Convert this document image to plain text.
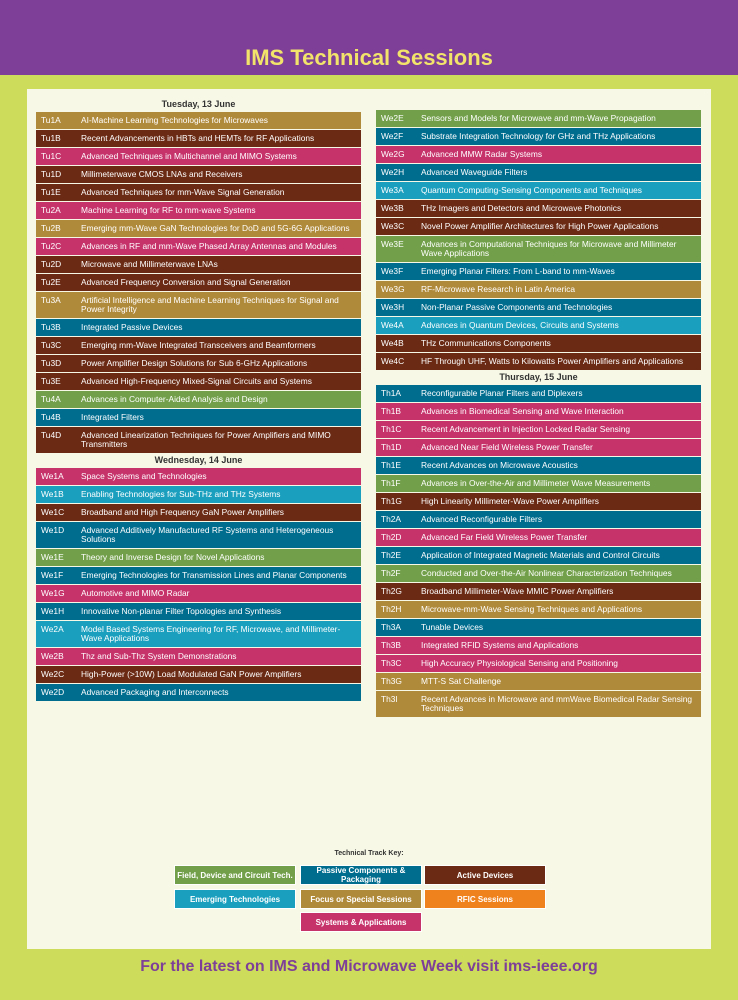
IMS Technical Sessions
Tuesday, 13 June
Tu1A	AI-Machine Learning Technologies for Microwaves
Tu1B	Recent Advancements in HBTs and HEMTs for RF Applications
Tu1C	Advanced Techniques in Multichannel and MIMO Systems
Tu1D	Millimeterwave CMOS LNAs and Receivers
Tu1E	Advanced Techniques for mm-Wave Signal Generation
Tu2A	Machine Learning for RF to mm-wave Systems
Tu2B	Emerging mm-Wave GaN Technologies for DoD and 5G-6G Applications
Tu2C	Advances in RF and mm-Wave Phased Array Antennas and Modules
Tu2D	Microwave and Millimeterwave LNAs
Tu2E	Advanced Frequency Conversion and Signal Generation
Tu3A	Artificial Intelligence and Machine Learning Techniques for Signal and Power Integrity
Tu3B	Integrated Passive Devices
Tu3C	Emerging mm-Wave Integrated Transceivers and Beamformers
Tu3D	Power Amplifier Design Solutions for Sub 6-GHz Applications
Tu3E	Advanced High-Frequency Mixed-Signal Circuits and Systems
Tu4A	Advances in Computer-Aided Analysis and Design
Tu4B	Integrated Filters
Tu4D	Advanced Linearization Techniques for Power Amplifiers and MIMO Transmitters
Wednesday, 14 June
We1A	Space Systems and Technologies
We1B	Enabling Technologies for Sub-THz and THz Systems
We1C	Broadband and High Frequency GaN Power Amplifiers
We1D	Advanced Additively Manufactured RF Systems and Heterogeneous Solutions
We1E	Theory and Inverse Design for Novel Applications
We1F	Emerging Technologies for Transmission Lines and Planar Components
We1G	Automotive and MIMO Radar
We1H	Innovative Non-planar Filter Topologies and Synthesis
We2A	Model Based Systems Engineering for RF, Microwave, and Millimeter-Wave Applications
We2B	Thz and Sub-Thz System Demonstrations
We2C	High-Power (>10W) Load Modulated GaN Power Amplifiers
We2D	Advanced Packaging and Interconnects
We2E	Sensors and Models for Microwave and mm-Wave Propagation
We2F	Substrate Integration Technology for GHz and THz Applications
We2G	Advanced MMW Radar Systems
We2H	Advanced Waveguide Filters
We3A	Quantum Computing-Sensing Components and Techniques
We3B	THz Imagers and Detectors and Microwave Photonics
We3C	Novel Power Amplifier Architectures for High Power Applications
We3E	Advances in Computational Techniques for Microwave and Millimeter Wave Applications
We3F	Emerging Planar Filters: From L-band to mm-Waves
We3G	RF-Microwave Research in Latin America
We3H	Non-Planar Passive Components and Technologies
We4A	Advances in Quantum Devices, Circuits and Systems
We4B	THz Communications Components
We4C	HF Through UHF, Watts to Kilowatts Power Amplifiers and Applications
Thursday, 15 June
Th1A	Reconfigurable Planar Filters and Diplexers
Th1B	Advances in Biomedical Sensing and Wave Interaction
Th1C	Recent Advancement in Injection Locked Radar Sensing
Th1D	Advanced Near Field Wireless Power Transfer
Th1E	Recent Advances on Microwave Acoustics
Th1F	Advances in Over-the-Air and Millimeter Wave Measurements
Th1G	High Linearity Millimeter-Wave Power Amplifiers
Th2A	Advanced Reconfigurable Filters
Th2D	Advanced Far Field Wireless Power Transfer
Th2E	Application of Integrated Magnetic Materials and Control Circuits
Th2F	Conducted and Over-the-Air Nonlinear Characterization Techniques
Th2G	Broadband Millimeter-Wave MMIC Power Amplifiers
Th2H	Microwave-mm-Wave Sensing Techniques and Applications
Th3A	Tunable Devices
Th3B	Integrated RFID Systems and Applications
Th3C	High Accuracy Physiological Sensing and Positioning
Th3G	MTT-S Sat Challenge
Th3I	Recent Advances in Microwave and mmWave Biomedical Radar Sensing Techniques
Technical Track Key:
Field, Device and Circuit Tech.	Passive Components & Packaging	Active Devices
Emerging Technologies	Focus or Special Sessions	RFIC Sessions
Systems & Applications
For the latest on IMS and Microwave Week visit ims-ieee.org
